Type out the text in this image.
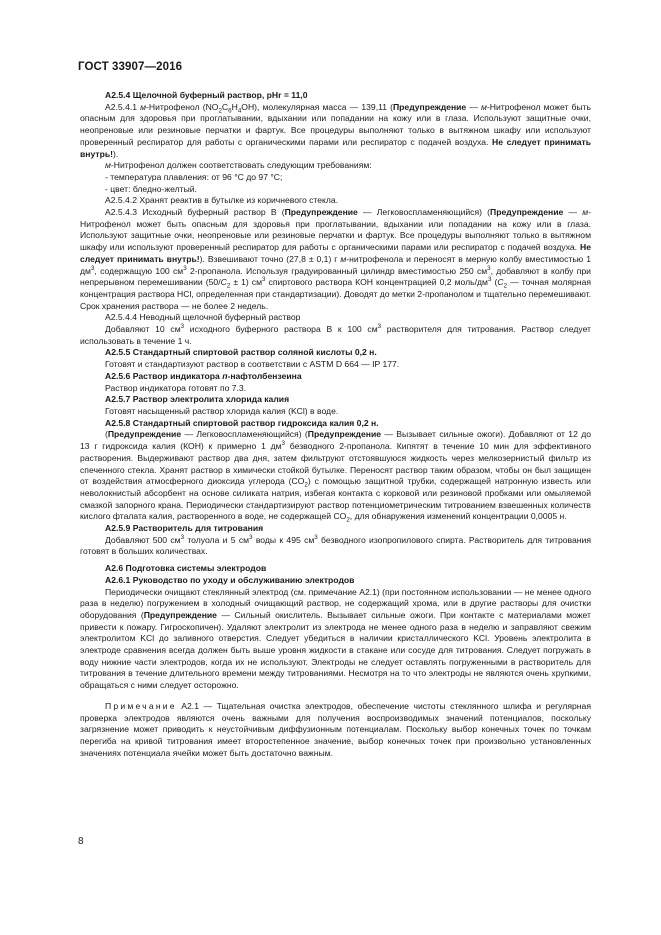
ГОСТ 33907—2016

А2.5.4 Щелочной буферный раствор, pHr = 11,0

А2.5.4.1 м-Нитрофенол $(NO_2C_6H_4OH)$, молекулярная масса — 139,11 (Предупреждение — м-Нитрофенол может быть опасным для здоровья при проглатывании, вдыхании или попадании на кожу или в глаза. Используют защитные очки, неопреновые или резиновые перчатки и фартук. Все процедуры выполняют только в вытяжном шкафу или используют проверенный респиратор для работы с органическими парами или респиратор с подачей воздуха. Не следует принимать внутрь!).

м-Нитрофенол должен соответствовать следующим требованиям:

- температура плавления: от 96 °С до 97 °С;

- цвет: бледно-желтый.

А2.5.4.2 Хранят реактив в бутылке из коричневого стекла.

А2.5.4.3 Исходный буферный раствор В (Предупреждение — Легковоспламеняющийся) (Предупреждение — м-Нитрофенол может быть опасным для здоровья при проглатывании, вдыхании или попадании на кожу или в глаза. Используют защитные очки, неопреновые или резиновые перчатки и фартук. Все процедуры выполняют только в вытяжном шкафу или используют проверенный респиратор для работы с органическими парами или респиратор с подачей воздуха. Не следует принимать внутрь!). Взвешивают точно (27,8 ± 0,1) г м-нитрофенола и переносят в мерную колбу вместимостью 1 $дм^3$, содержащую 100 $см^3$ 2-пропанола. Используя градуированный цилиндр вместимостью 250 $см^3$, добавляют в колбу при непрерывном перемешивании $(50/C_2 \pm 1)$ $см^3$ спиртового раствора КОН концентрацией 0,2 моль/$дм^3$ ($C_2$ — точная молярная концентрация раствора HCl, определенная при стандартизации). Доводят до метки 2-пропанолом и тщательно перемешивают. Срок хранения раствора — не более 2 недель.

А2.5.4.4 Неводный щелочной буферный раствор

Добавляют 10 $см^3$ исходного буферного раствора В к 100 $см^3$ растворителя для титрования. Раствор следует использовать в течение 1 ч.

А2.5.5 Стандартный спиртовой раствор соляной кислоты 0,2 н.

Готовят и стандартизуют раствор в соответствии с ASTM D 664 — IP 177.

А2.5.6 Раствор индикатора п-нафтолбензеина

Раствор индикатора готовят по 7.3.

А2.5.7 Раствор электролита хлорида калия

Готовят насыщенный раствор хлорида калия (KCl) в воде.

А2.5.8 Стандартный спиртовой раствор гидроксида калия 0,2 н.

(Предупреждение — Легковоспламеняющийся) (Предупреждение — Вызывает сильные ожоги). Добавляют от 12 до 13 г гидроксида калия (КОН) к примерно 1 $дм^3$ безводного 2-пропанола. Кипятят в течение 10 мин для эффективного растворения. Выдерживают раствор два дня, затем фильтруют отстоявшуюся жидкость через мелкозернистый фильтр из спеченного стекла. Хранят раствор в химически стойкой бутылке. Переносят раствор таким образом, чтобы он был защищен от воздействия атмосферного диоксида углерода $(CO_2)$ с помощью защитной трубки, содержащей натронную известь или неволокнистый абсорбент на основе силиката натрия, избегая контакта с корковой или резиновой пробками или омыляемой смазкой запорного крана. Периодически стандартизируют раствор потенциометрическим титрованием взвешенных количеств кислого фталата калия, растворенного в воде, не содержащей $CO_2$, для обнаружения изменений концентрации 0,0005 н.

А2.5.9 Растворитель для титрования

Добавляют 500 $см^3$ толуола и 5 $см^3$ воды к 495 $см^3$ безводного изопропилового спирта. Растворитель для титрования готовят в больших количествах.

А2.6 Подготовка системы электродов

А2.6.1 Руководство по уходу и обслуживанию электродов

Периодически очищают стеклянный электрод (см. примечание А2.1) (при постоянном использовании — не менее одного раза в неделю) погружением в холодный очищающий раствор, не содержащий хрома, или в другие растворы для очистки оборудования (Предупреждение — Сильный окислитель. Вызывает сильные ожоги. При контакте с материалами может привести к пожару. Гигроскопичен). Удаляют электролит из электрода не менее одного раза в неделю и заправляют свежим электролитом KCl до заливного отверстия. Следует убедиться в наличии кристаллического KCl. Уровень электролита в электроде сравнения всегда должен быть выше уровня жидкости в стакане или сосуде для титрования. Следует погружать в воду нижние части электродов, когда их не используют. Электроды не следует оставлять погруженными в растворитель для титрования в течение длительного времени между титрованиями. Несмотря на то что электроды не являются очень хрупкими, обращаться с ними следует осторожно.

Примечание А2.1 — Тщательная очистка электродов, обеспечение чистоты стеклянного шлифа и регулярная проверка электродов являются очень важными для получения воспроизводимых значений потенциалов, поскольку загрязнение может приводить к неустойчивым диффузионным потенциалам. Поскольку выбор конечных точек по точкам перегиба на кривой титрования имеет второстепенное значение, выбор конечных точек при произвольно установленных значениях потенциала ячейки может быть достаточно важным.

8
